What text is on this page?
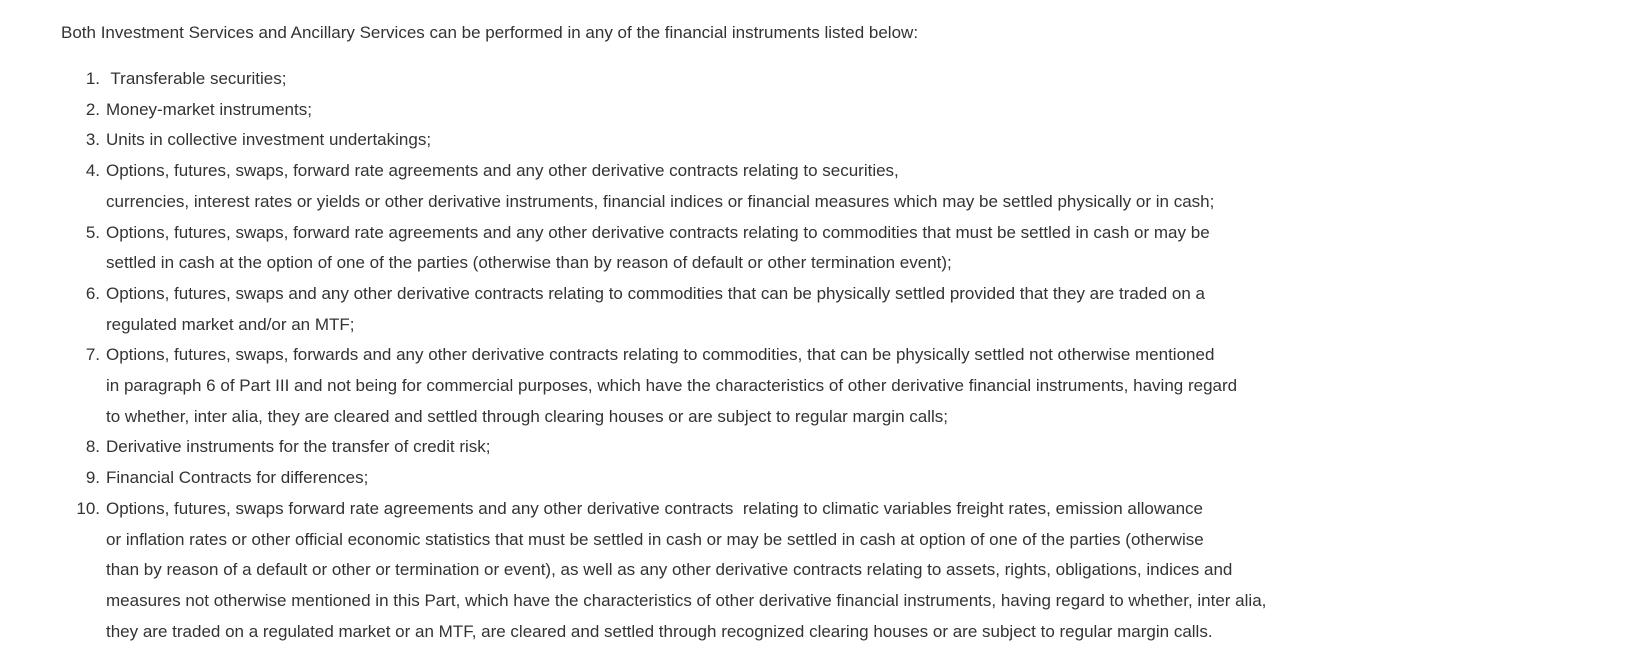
Both Investment Services and Ancillary Services can be performed in any of the financial instruments listed below:

1. Transferable securities;
2. Money-market instruments;
3. Units in collective investment undertakings;
4. Options, futures, swaps, forward rate agreements and any other derivative contracts relating to securities,
currencies, interest rates or yields or other derivative instruments, financial indices or financial measures which may be settled physically or in cash;
5. Options, futures, swaps, forward rate agreements and any other derivative contracts relating to commodities that must be settled in cash or may be
settled in cash at the option of one of the parties (otherwise than by reason of default or other termination event);
6. Options, futures, swaps and any other derivative contracts relating to commodities that can be physically settled provided that they are traded on a
regulated market and/or an MTF;
7. Options, futures, swaps, forwards and any other derivative contracts relating to commodities, that can be physically settled not otherwise mentioned
in paragraph 6 of Part III and not being for commercial purposes, which have the characteristics of other derivative financial instruments, having regard
to whether, inter alia, they are cleared and settled through clearing houses or are subject to regular margin calls;
8. Derivative instruments for the transfer of credit risk;
9. Financial Contracts for differences;
10. Options, futures, swaps forward rate agreements and any other derivative contracts  relating to climatic variables freight rates, emission allowance
or inflation rates or other official economic statistics that must be settled in cash or may be settled in cash at option of one of the parties (otherwise
than by reason of a default or other or termination or event), as well as any other derivative contracts relating to assets, rights, obligations, indices and
measures not otherwise mentioned in this Part, which have the characteristics of other derivative financial instruments, having regard to whether, inter alia,
they are traded on a regulated market or an MTF, are cleared and settled through recognized clearing houses or are subject to regular margin calls.
